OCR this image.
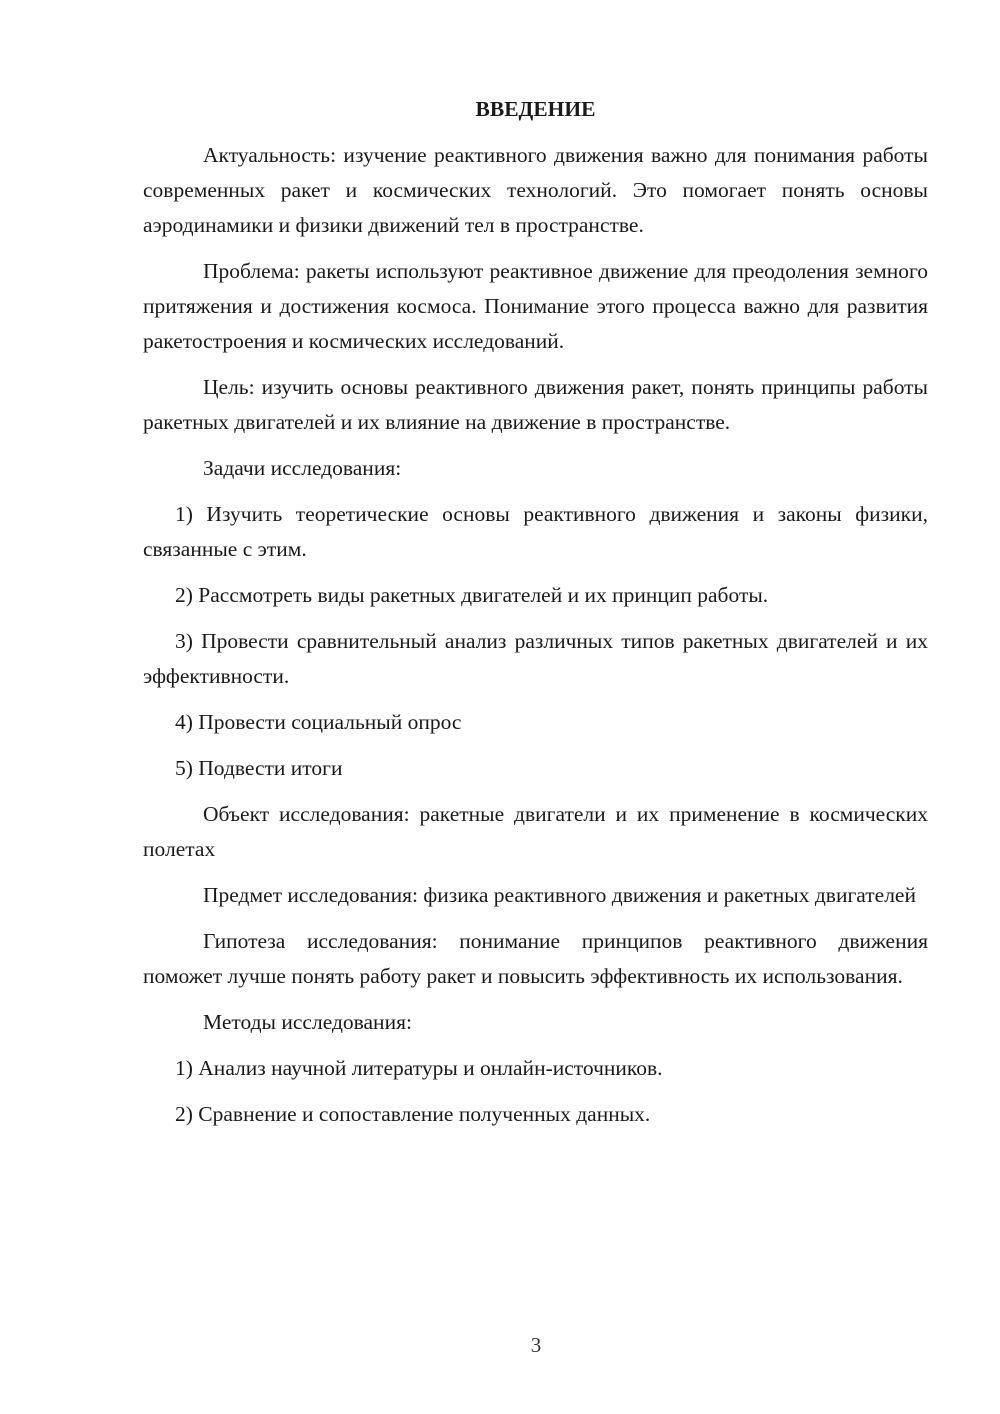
ВВЕДЕНИЕ

Актуальность: изучение реактивного движения важно для понимания работы современных ракет и космических технологий. Это помогает понять основы аэродинамики и физики движений тел в пространстве.

Проблема: ракеты используют реактивное движение для преодоления земного притяжения и достижения космоса. Понимание этого процесса важно для развития ракетостроения и космических исследований.

Цель: изучить основы реактивного движения ракет, понять принципы работы ракетных двигателей и их влияние на движение в пространстве.

Задачи исследования:

1) Изучить теоретические основы реактивного движения и законы физики, связанные с этим.

2) Рассмотреть виды ракетных двигателей и их принцип работы.

3) Провести сравнительный анализ различных типов ракетных двигателей и их эффективности.

4) Провести социальный опрос

5) Подвести итоги

Объект исследования: ракетные двигатели и их применение в космических полетах

Предмет исследования: физика реактивного движения и ракетных двигателей

Гипотеза исследования: понимание принципов реактивного движения поможет лучше понять работу ракет и повысить эффективность их использования.

Методы исследования:

1) Анализ научной литературы и онлайн-источников.

2) Сравнение и сопоставление полученных данных.

3
